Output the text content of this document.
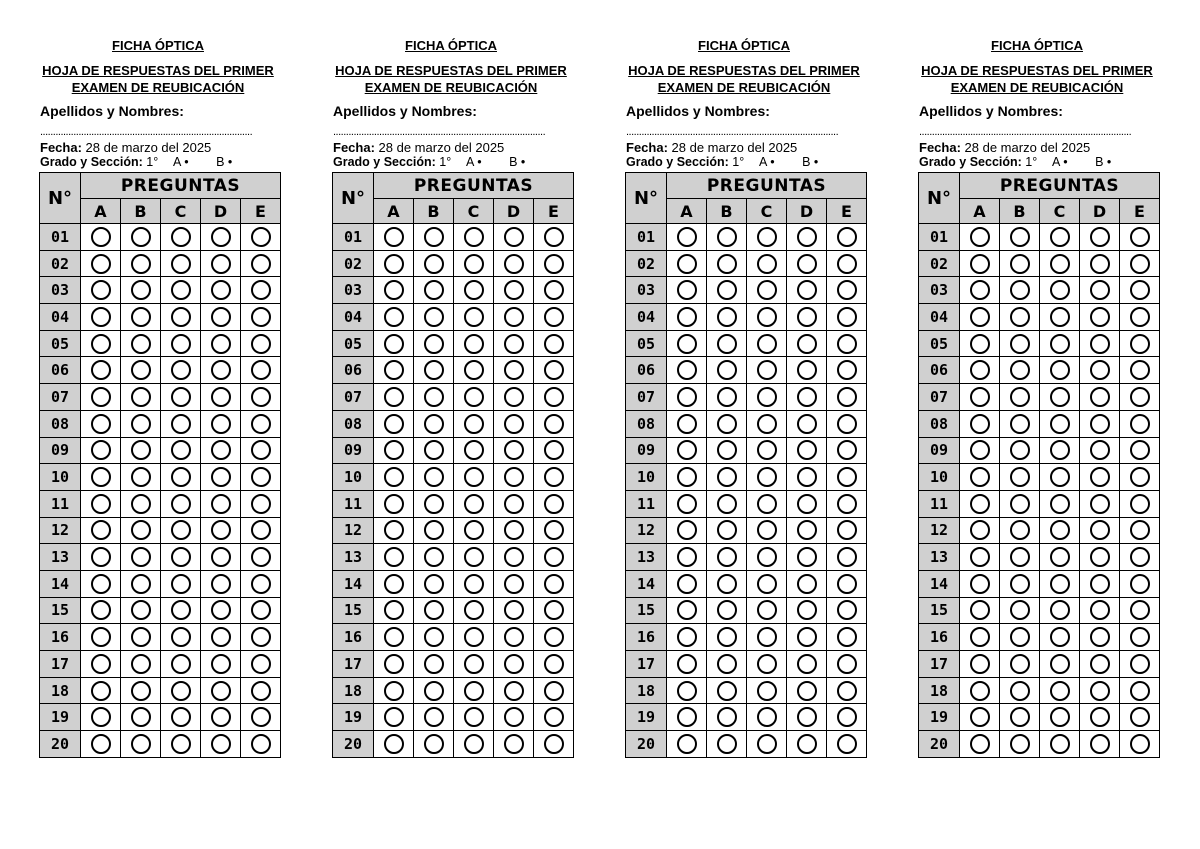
FICHA ÓPTICA
HOJA DE RESPUESTAS DEL PRIMER
EXAMEN DE REUBICACIÓN
Apellidos y Nombres:
...................................................................................
Fecha: 28 de marzo del 2025
Grado y Sección: 1° A • B •
N°	PREGUNTAS				
	A	B	C	D	E
01					
02					
03					
04					
05					
06					
07					
08					
09					
10					
11					
12					
13					
14					
15					
16					
17					
18					
19					
20					
FICHA ÓPTICA
HOJA DE RESPUESTAS DEL PRIMER
EXAMEN DE REUBICACIÓN
Apellidos y Nombres:
...................................................................................
Fecha: 28 de marzo del 2025
Grado y Sección: 1° A • B •
N°	PREGUNTAS				
	A	B	C	D	E
01					
02					
03					
04					
05					
06					
07					
08					
09					
10					
11					
12					
13					
14					
15					
16					
17					
18					
19					
20					
FICHA ÓPTICA
HOJA DE RESPUESTAS DEL PRIMER
EXAMEN DE REUBICACIÓN
Apellidos y Nombres:
...................................................................................
Fecha: 28 de marzo del 2025
Grado y Sección: 1° A • B •
N°	PREGUNTAS				
	A	B	C	D	E
01					
02					
03					
04					
05					
06					
07					
08					
09					
10					
11					
12					
13					
14					
15					
16					
17					
18					
19					
20					
FICHA ÓPTICA
HOJA DE RESPUESTAS DEL PRIMER
EXAMEN DE REUBICACIÓN
Apellidos y Nombres:
...................................................................................
Fecha: 28 de marzo del 2025
Grado y Sección: 1° A • B •
N°	PREGUNTAS				
	A	B	C	D	E
01					
02					
03					
04					
05					
06					
07					
08					
09					
10					
11					
12					
13					
14					
15					
16					
17					
18					
19					
20					
